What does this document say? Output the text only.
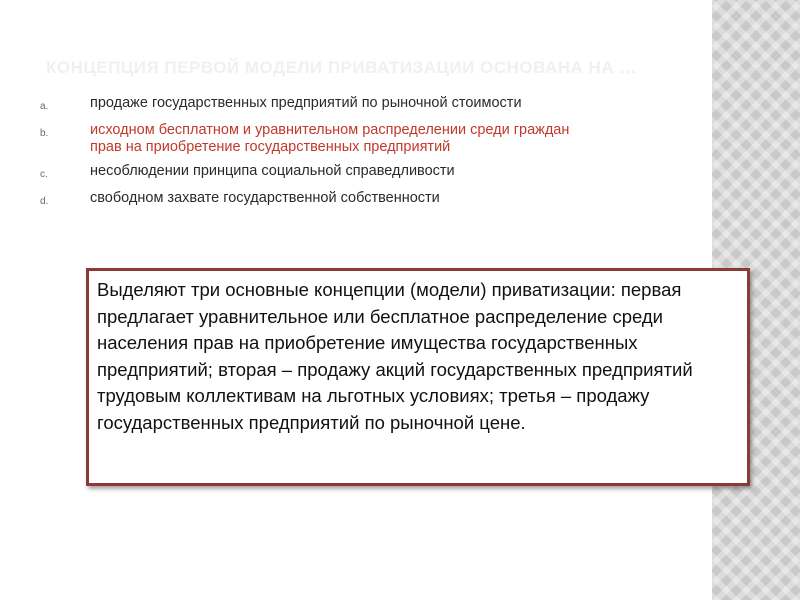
КОНЦЕПЦИЯ ПЕРВОЙ МОДЕЛИ ПРИВАТИЗАЦИИ ОСНОВАНА НА …
a.	продаже государственных предприятий по рыночной стоимости
b.	исходном бесплатном и уравнительном распределении среди граждан прав на приобретение государственных предприятий
c.	несоблюдении принципа социальной справедливости
d.	свободном захвате государственной собственности

Выделяют три основные концепции (модели) приватизации: первая предлагает уравнительное или бесплатное распределение среди населения прав на приобретение имущества государственных предприятий; вторая – продажу акций государственных предприятий трудовым коллективам на льготных условиях; третья – продажу государственных предприятий по рыночной цене.
